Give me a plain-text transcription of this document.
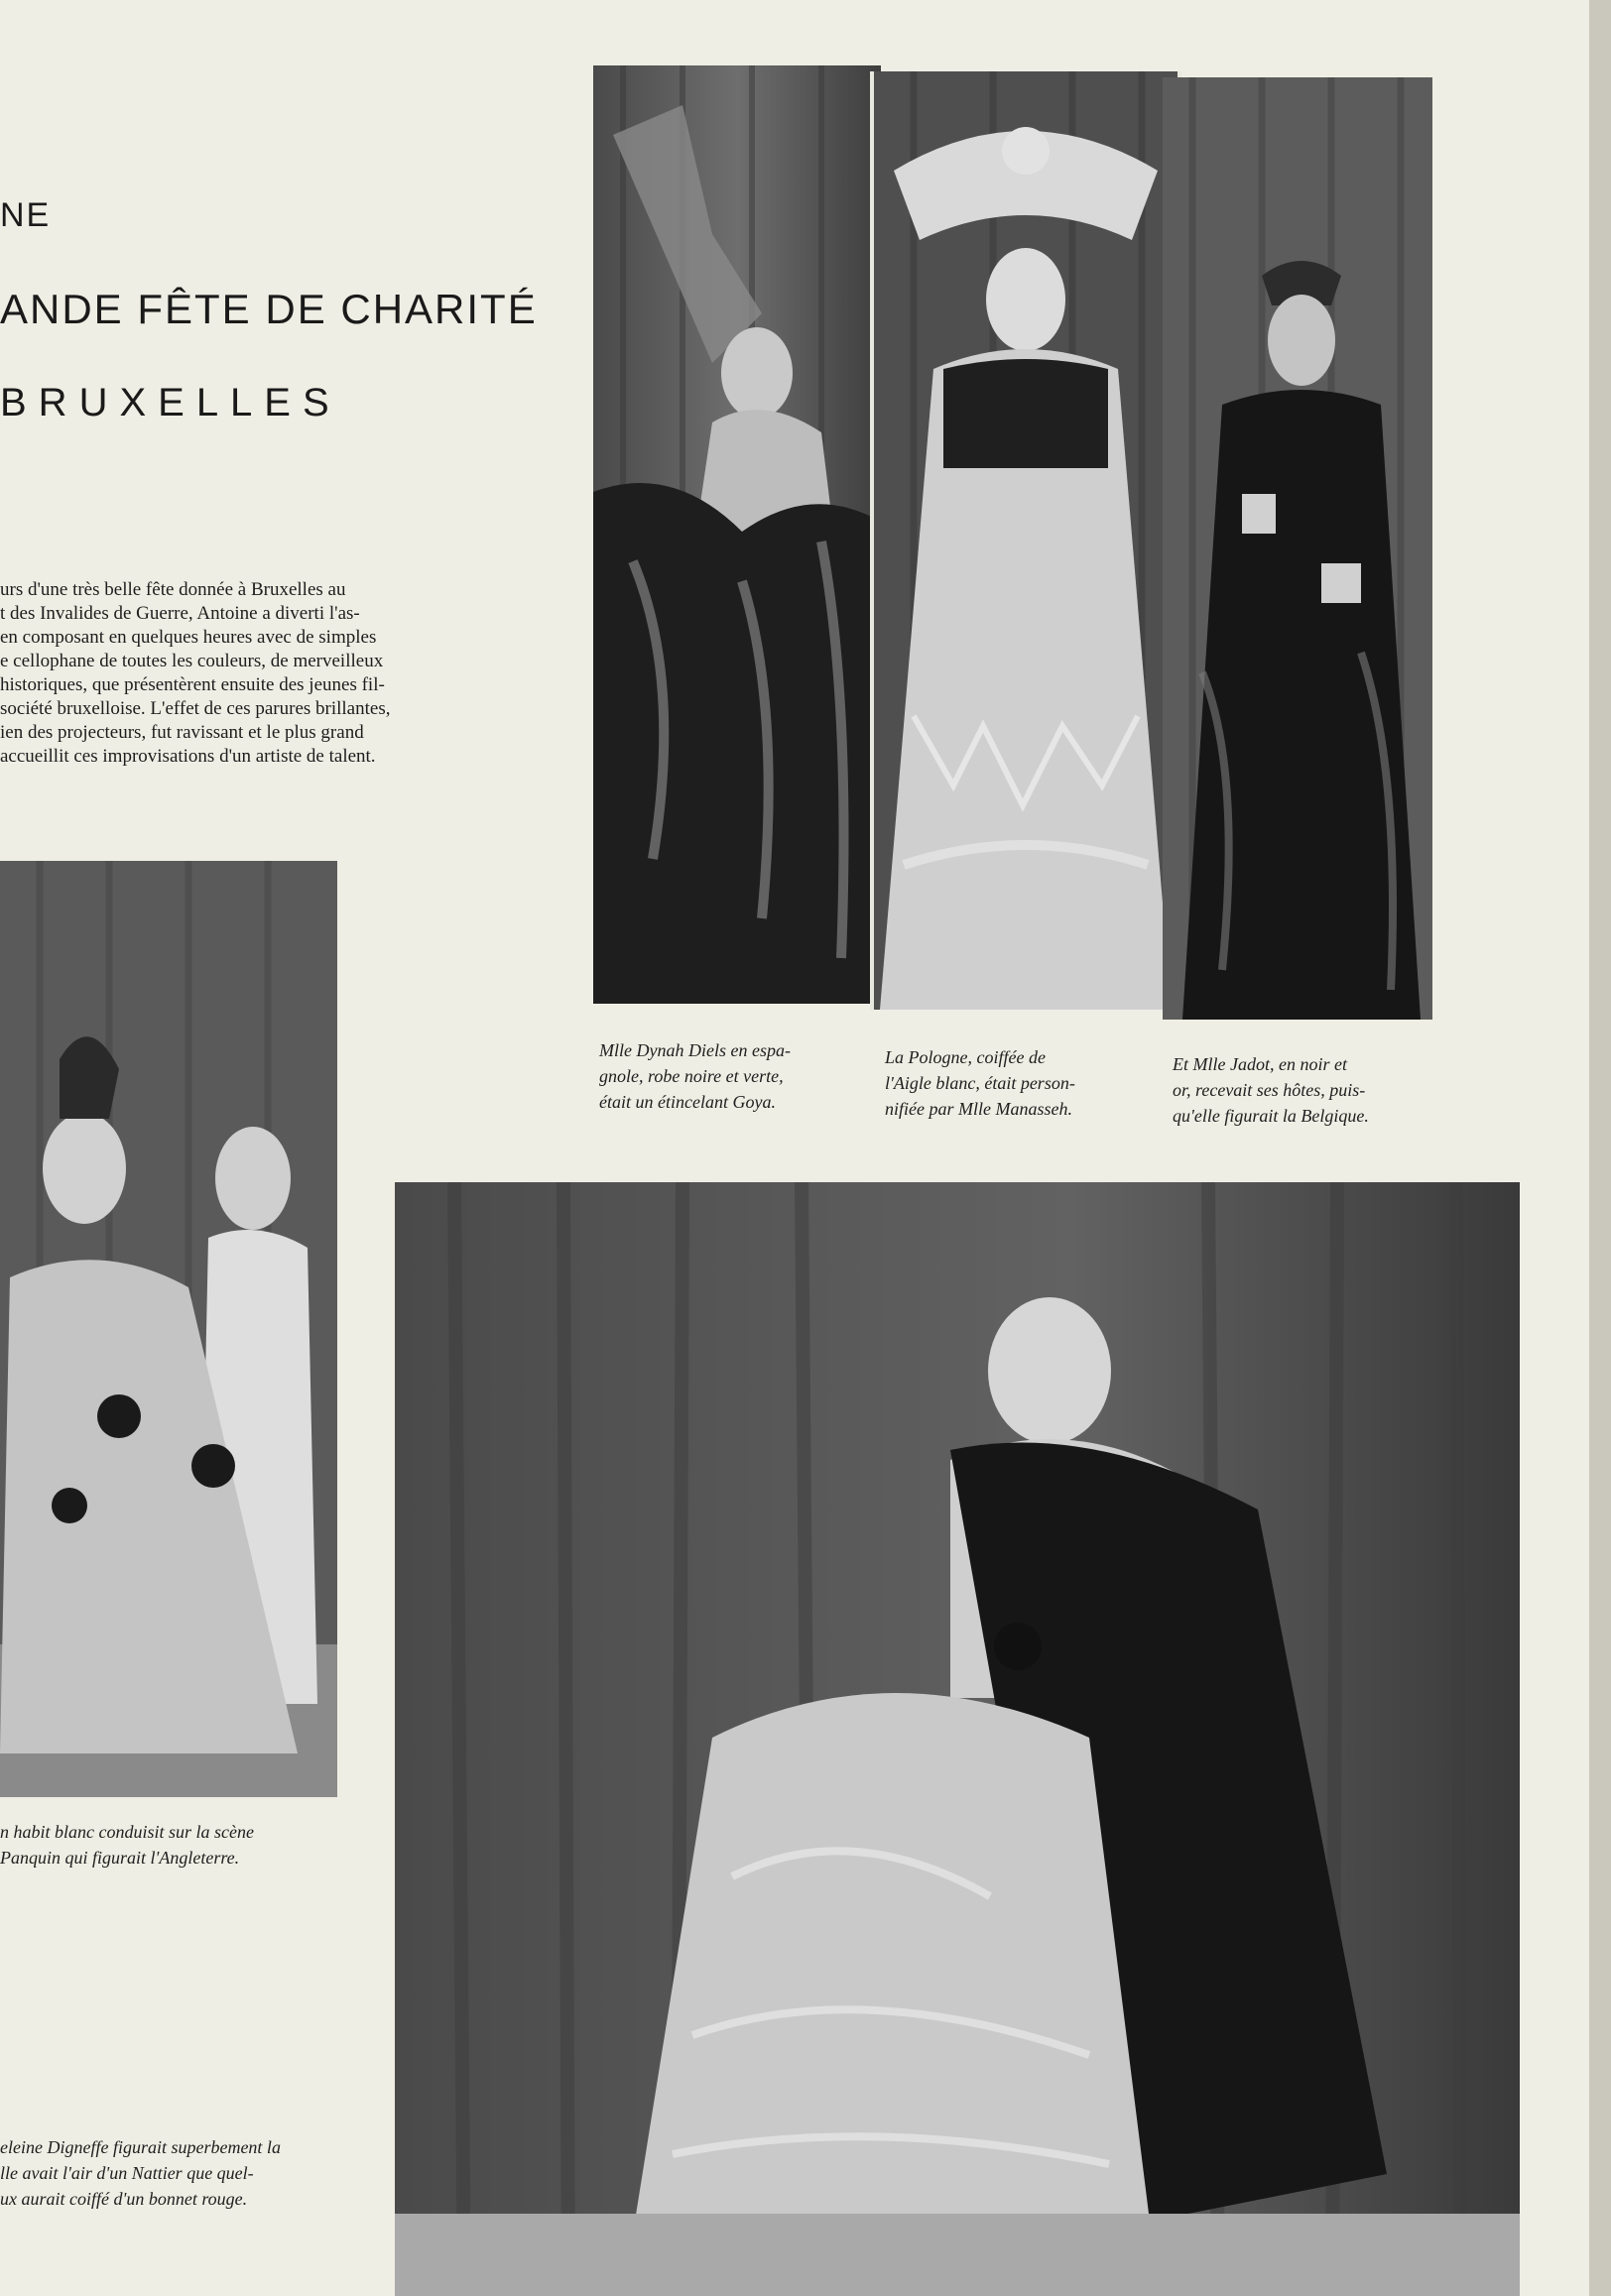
NE
ANDE FÊTE DE CHARITÉ
BRUXELLES

urs d'une très belle fête donnée à Bruxelles au
t des Invalides de Guerre, Antoine a diverti l'as-
en composant en quelques heures avec de simples
e cellophane de toutes les couleurs, de merveilleux
historiques, que présentèrent ensuite des jeunes fil-
société bruxelloise. L'effet de ces parures brillantes,
ien des projecteurs, fut ravissant et le plus grand
accueillit ces improvisations d'un artiste de talent.

Mlle Dynah Diels en espa-
gnole, robe noire et verte,
était un étincelant Goya.

La Pologne, coiffée de
l'Aigle blanc, était person-
nifiée par Mlle Manasseh.

Et Mlle Jadot, en noir et
or, recevait ses hôtes, puis-
qu'elle figurait la Belgique.

n habit blanc conduisit sur la scène
Panquin qui figurait l'Angleterre.

eleine Digneffe figurait superbement la
lle avait l'air d'un Nattier que quel-
ux aurait coiffé d'un bonnet rouge.
